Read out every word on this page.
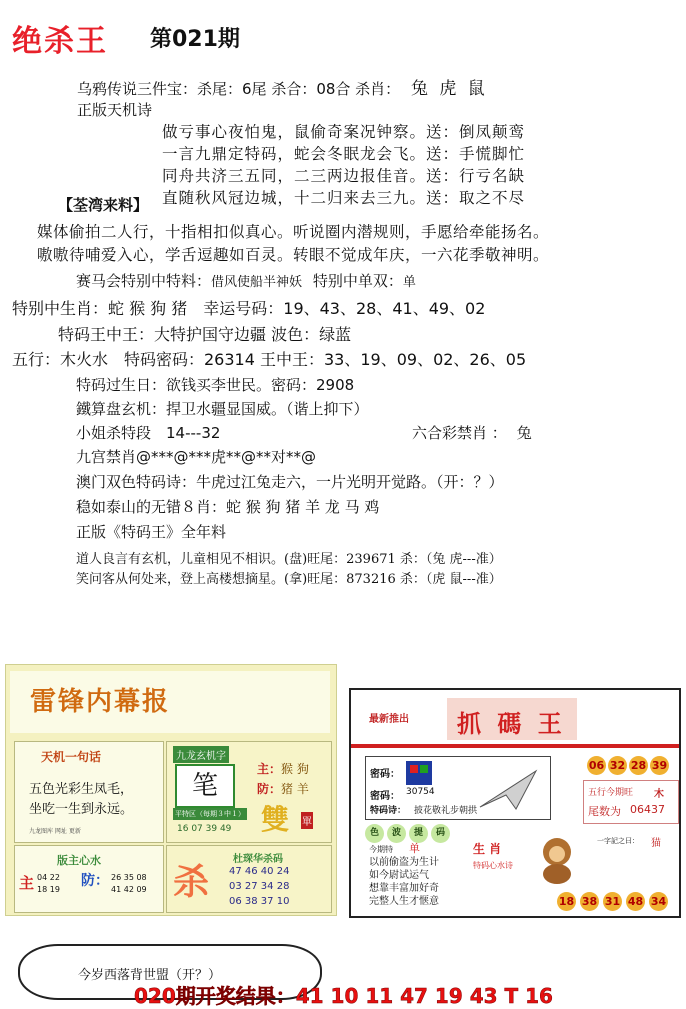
绝杀王 第021期
乌鸦传说三件宝：杀尾：6尾 杀合：08合 杀肖： 兔 虎 鼠
正版天机诗
做亏事心夜怕鬼，鼠偷奇案况钟察。送：倒凤颠鸾
一言九鼎定特码，蛇会冬眠龙会飞。送：手慌脚忙
同舟共济三五同，二三两边报佳音。送：行亏名缺
直随秋风冠边城，十二归来去三九。送：取之不尽
【荃湾来料】
媒体偷拍二人行，十指相扣似真心。听说圈内潜规则，手愿给牵能扬名。
嗷嗷待哺爱入心，学舌逗趣如百灵。转眼不觉成年庆，一六花季敬神明。
赛马会特别中特料：借风使船半神妖 特别中单双：单
特别中生肖：蛇 猴 狗 猪　幸运号码：19、43、28、41、49、02
特码王中王：大特护国守边疆 波色：绿蓝
五行：木火水　特码密码：26314 王中王：33、19、09、02、26、05
特码过生日：欲钱买李世民。密码：2908
鐵算盘玄机：捍卫水疆显国威。（谐上抑下）
小姐杀特段　14---32	六合彩禁肖 ： 兔
九宫禁肖@***@***虎**@**对**@
澳门双色特码诗：牛虎过江兔走六，一片光明开觉路。（开：？）
稳如泰山的无错８肖：蛇 猴 狗 猪 羊 龙 马 鸡
正版《特码王》全年料
道人良言有玄机，儿童相见不相识。(盘)旺尾：239671 杀：（兔 虎---准）
笑问客从何处来，登上高楼想摘星。(拿)旺尾：873216 杀：（虎 鼠---准）
雷锋内幕报
天机一句话
五色光彩生凤毛，
坐吃一生到永远。
九龙图库 网址 更新
九龙玄机字
笔
主：猴 狗
防：猪 羊
雙 單
平特区（每期３中１）
16 07 39 49
版主心水
主 04 22
18 19
防： 26 35 08
41 42 09 杀
杜琛华杀码
47 46 40 24
03 27 34 28
06 38 37 10
最新推出 抓 碼 王
密码：
密码： 30754
特码诗： 披花敬礼步朝拱
06 32 28 39
五行今期旺 木
尾数为 06437
色	波	提	码
生 肖
今期特 单
特码心水诗
以前偷盗为生计
如今尉试运气
想靠丰富加好奇
完整人生才惬意
一字記之曰： 猫
18 38 31 48 34
今岁西落背世盟（开？）
020期开奖结果：41 10 11 47 19 43 T 16
